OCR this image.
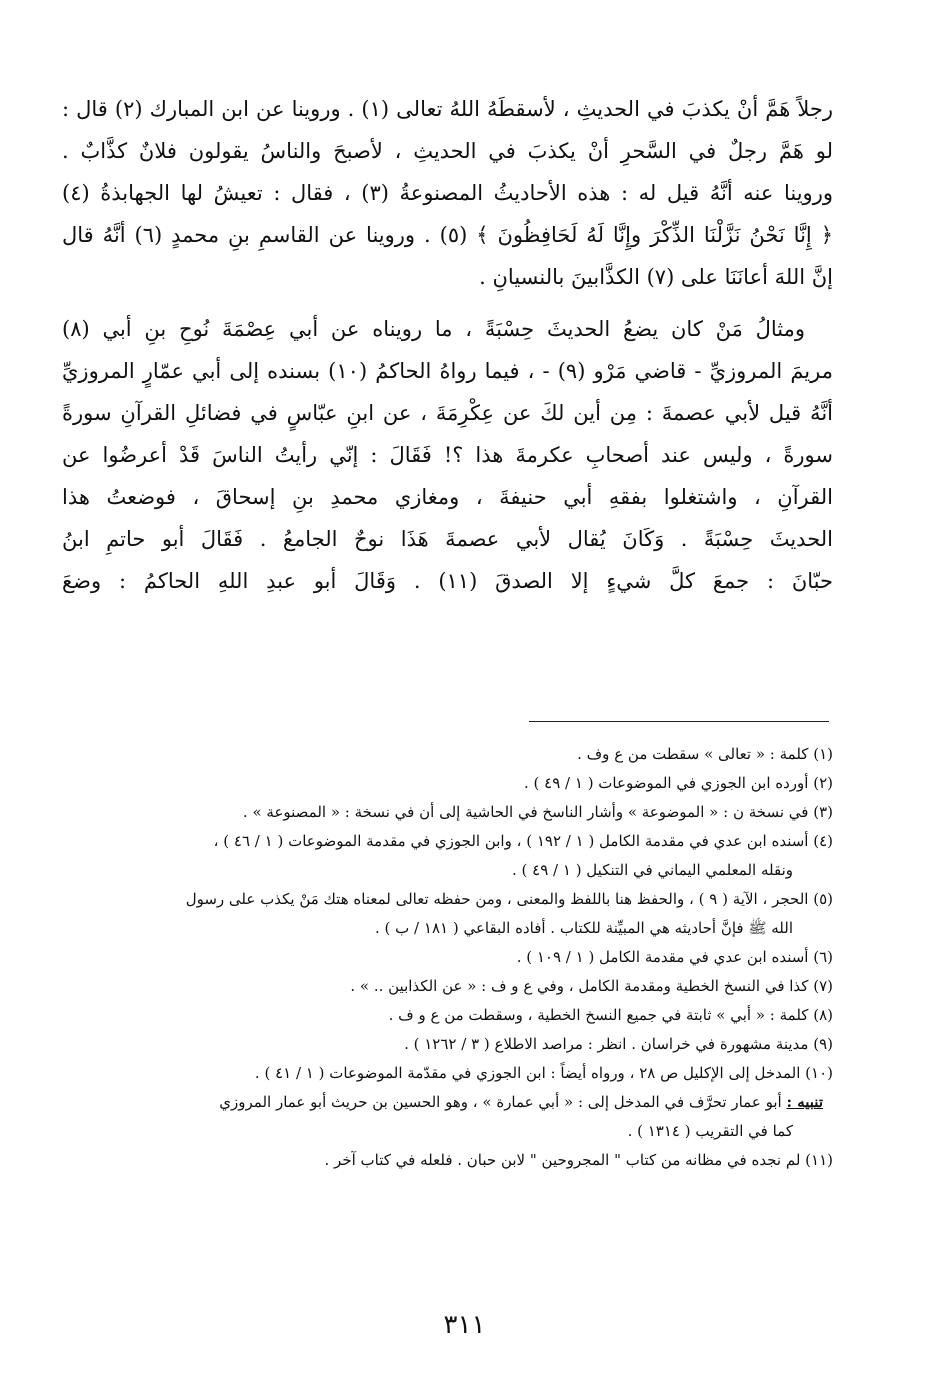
رجلاً هَمَّ أنْ يكذبَ في الحديثِ ، لأسقطَهُ اللهُ تعالى (١) . وروينا عن ابن المبارك (٢) قال :
لو هَمَّ رجلٌ في السَّحرِ أنْ يكذبَ في الحديثِ ، لأصبحَ والناسُ يقولون فلانٌ كذَّابٌ .
وروينا عنه أنَّهُ قيل له : هذه الأحاديثُ المصنوعةُ (٣) ، فقال : تعيشُ لها الجهابذةُ (٤)
﴿ إِنَّا نَحْنُ نَزَّلْنَا الذِّكْرَ وإِنَّا لَهُ لَحَافِظُونَ ﴾ (٥) . وروينا عن القاسمِ بنِ محمدٍ (٦) أنَّهُ قال
إنَّ اللهَ أعانَنَا على (٧) الكذَّابينَ بالنسيانِ .
ومثالُ مَنْ كان يضعُ الحديثَ حِسْبَةً ، ما رويناه عن أبي عِصْمَةَ نُوحِ بنِ أبي (٨)
مريمَ المروزيِّ - قاضي مَرْو (٩) - ، فيما رواهُ الحاكمُ (١٠) بسنده إلى أبي عمّارٍ المروزيِّ
أنَّهُ قيل لأبي عصمةَ : مِن أين لكَ عن عِكْرِمَةَ ، عن ابنِ عبّاسٍ في فضائلِ القرآنِ سورةً
سورةً ، وليس عند أصحابِ عكرمةَ هذا ؟! فَقَالَ : إنّي رأيتُ الناسَ قَدْ أعرضُوا عن
القرآنِ ، واشتغلوا بفقهِ أبي حنيفةَ ، ومغازي محمدِ بنِ إسحاقَ ، فوضعتُ هذا
الحديثَ حِسْبَةً . وَكَانَ يُقال لأبي عصمةَ هَذَا نوحٌ الجامعُ . فَقَالَ أبو حاتمِ ابنُ
حبّانَ : جمعَ كلَّ شيءٍ إلا الصدقَ (١١) . وَقَالَ أبو عبدِ اللهِ الحاكمُ : وضعَ
(١) كلمة : « تعالى » سقطت من ع وف .
(٢) أورده ابن الجوزي في الموضوعات ( ١ / ٤٩ ) .
(٣) في نسخة ن : « الموضوعة » وأشار الناسخ في الحاشية إلى أن في نسخة : « المصنوعة » .
(٤) أسنده ابن عدي في مقدمة الكامل ( ١ / ١٩٢ ) ، وابن الجوزي في مقدمة الموضوعات ( ١ / ٤٦ ) ،
ونقله المعلمي اليماني في التنكيل ( ١ / ٤٩ ) .
(٥) الحجر ، الآية ( ٩ ) ، والحفظ هنا باللفظ والمعنى ، ومن حفظه تعالى لمعناه هتك مَنْ يكذب على رسول
الله ﷺ فإنَّ أحاديثه هي المبيِّنة للكتاب . أفاده البقاعي ( ١٨١ / ب ) .
(٦) أسنده ابن عدي في مقدمة الكامل ( ١ / ١٠٩ ) .
(٧) كذا في النسخ الخطية ومقدمة الكامل ، وفي ع و ف : « عن الكذابين .. » .
(٨) كلمة : « أبي » ثابتة في جميع النسخ الخطية ، وسقطت من ع و ف .
(٩) مدينة مشهورة في خراسان . انظر : مراصد الاطلاع ( ٣ / ١٢٦٢ ) .
(١٠) المدخل إلى الإكليل ص ٢٨ ، ورواه أيضاً : ابن الجوزي في مقدّمة الموضوعات ( ١ / ٤١ ) .
تنبيه : أبو عمار تحرَّف في المدخل إلى : « أبي عمارة » ، وهو الحسين بن حريث أبو عمار المروزي
كما في التقريب ( ١٣١٤ ) .
(١١) لم نجده في مظانه من كتاب " المجروحين " لابن حبان . فلعله في كتاب آخر .
٣١١
